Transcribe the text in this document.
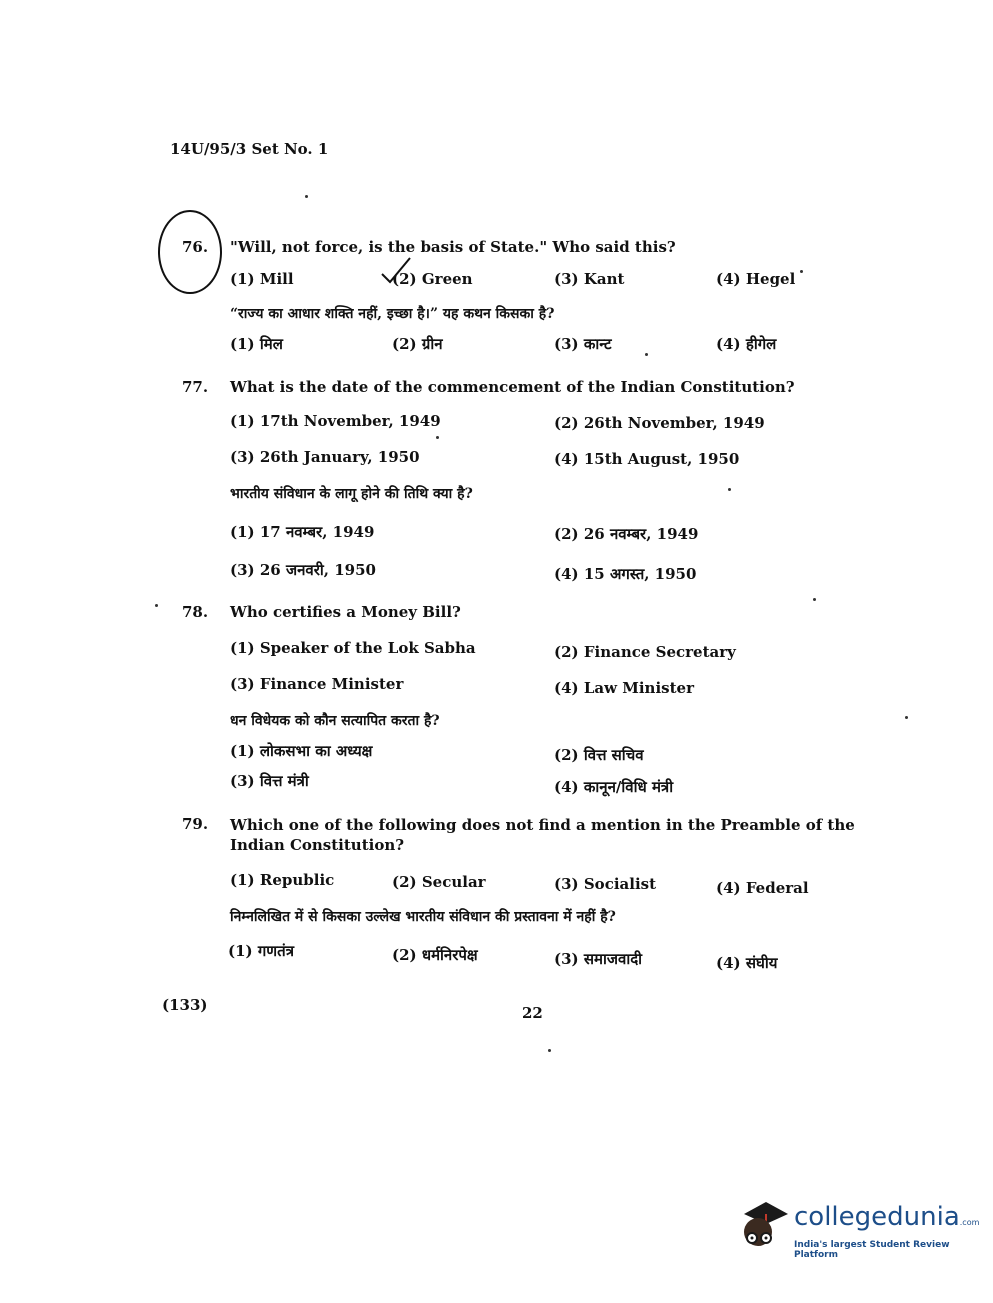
14U/95/3 Set No. 1
76. "Will, not force, is the basis of State." Who said this?
(1) Mill	(2) Green	(3) Kant	(4) Hegel
“राज्य का आधार शक्ति नहीं, इच्छा है।” यह कथन किसका है?
(1) मिल	(2) ग्रीन	(3) कान्ट	(4) हीगेल
77. What is the date of the commencement of the Indian Constitution?
(1) 17th November, 1949	(2) 26th November, 1949
(3) 26th January, 1950	(4) 15th August, 1950
भारतीय संविधान के लागू होने की तिथि क्या है?
(1) 17 नवम्बर, 1949	(2) 26 नवम्बर, 1949
(3) 26 जनवरी, 1950	(4) 15 अगस्त, 1950
78. Who certifies a Money Bill?
(1) Speaker of the Lok Sabha	(2) Finance Secretary
(3) Finance Minister	(4) Law Minister
धन विधेयक को कौन सत्यापित करता है?
(1) लोकसभा का अध्यक्ष	(2) वित्त सचिव
(3) वित्त मंत्री	(4) कानून/विधि मंत्री
79. Which one of the following does not find a mention in the Preamble of the Indian Constitution?
(1) Republic	(2) Secular	(3) Socialist	(4) Federal
निम्नलिखित में से किसका उल्लेख भारतीय संविधान की प्रस्तावना में नहीं है?
(1) गणतंत्र	(2) धर्मनिरपेक्ष	(3) समाजवादी	(4) संघीय
(133)	22
collegedunia.com
India's largest Student Review Platform
